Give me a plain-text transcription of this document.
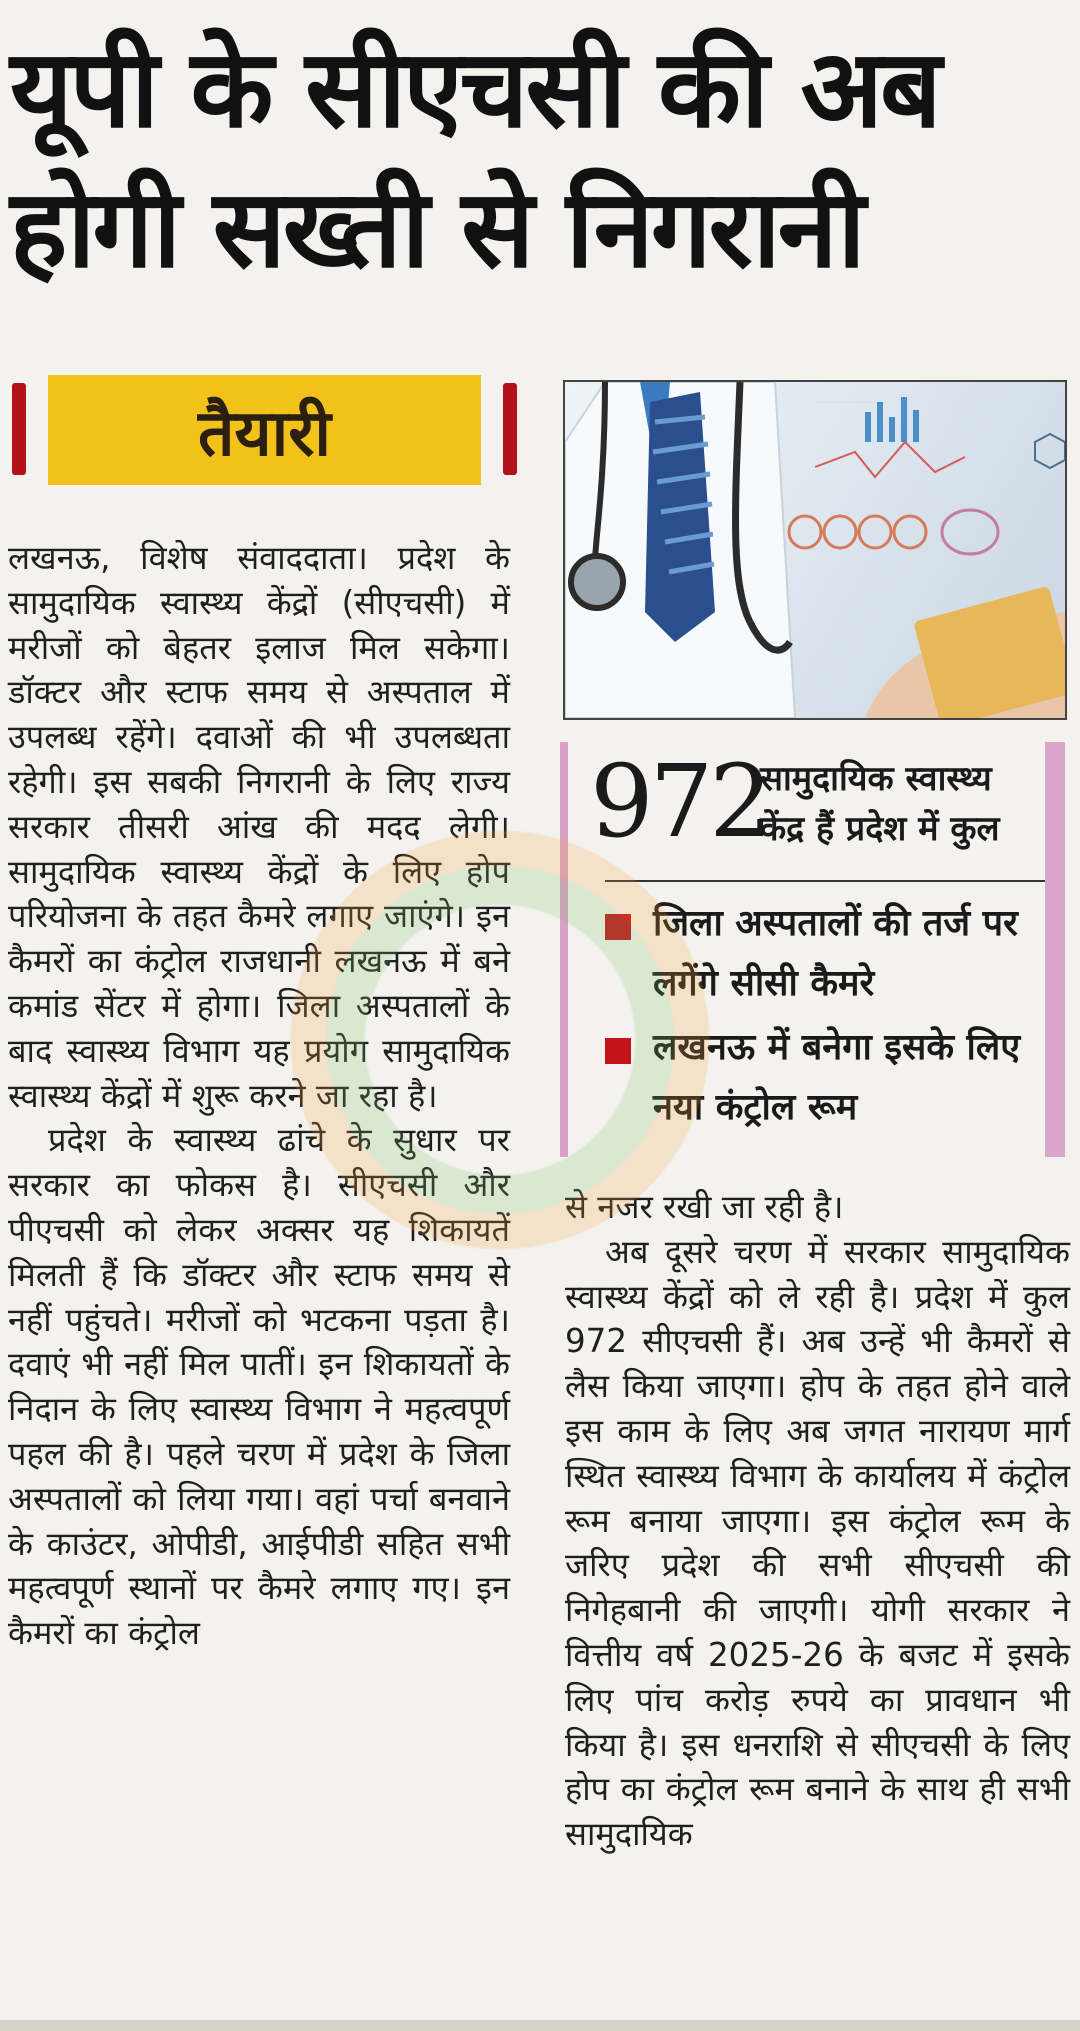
यूपी के सीएचसी की अब
होगी सख्ती से निगरानी
तैयारी

लखनऊ, विशेष संवाददाता। प्रदेश के सामुदायिक स्वास्थ्य केंद्रों (सीएचसी) में मरीजों को बेहतर इलाज मिल सकेगा। डॉक्टर और स्टाफ समय से अस्पताल में उपलब्ध रहेंगे। दवाओं की भी उपलब्धता रहेगी। इस सबकी निगरानी के लिए राज्य सरकार तीसरी आंख की मदद लेगी। सामुदायिक स्वास्थ्य केंद्रों के लिए होप परियोजना के तहत कैमरे लगाए जाएंगे। इन कैमरों का कंट्रोल राजधानी लखनऊ में बने कमांड सेंटर में होगा। जिला अस्पतालों के बाद स्वास्थ्य विभाग यह प्रयोग सामुदायिक स्वास्थ्य केंद्रों में शुरू करने जा रहा है।

प्रदेश के स्वास्थ्य ढांचे के सुधार पर सरकार का फोकस है। सीएचसी और पीएचसी को लेकर अक्सर यह शिकायतें मिलती हैं कि डॉक्टर और स्टाफ समय से नहीं पहुंचते। मरीजों को भटकना पड़ता है। दवाएं भी नहीं मिल पातीं। इन शिकायतों के निदान के लिए स्वास्थ्य विभाग ने महत्वपूर्ण पहल की है। पहले चरण में प्रदेश के जिला अस्पतालों को लिया गया। वहां पर्चा बनवाने के काउंटर, ओपीडी, आईपीडी सहित सभी महत्वपूर्ण स्थानों पर कैमरे लगाए गए। इन कैमरों का कंट्रोल

972
सामुदायिक स्वास्थ्य केंद्र हैं प्रदेश में कुल
जिला अस्पतालों की तर्ज पर लगेंगे सीसी कैमरे
लखनऊ में बनेगा इसके लिए नया कंट्रोल रूम

से नजर रखी जा रही है।

अब दूसरे चरण में सरकार सामुदायिक स्वास्थ्य केंद्रों को ले रही है। प्रदेश में कुल 972 सीएचसी हैं। अब उन्हें भी कैमरों से लैस किया जाएगा। होप के तहत होने वाले इस काम के लिए अब जगत नारायण मार्ग स्थित स्वास्थ्य विभाग के कार्यालय में कंट्रोल रूम बनाया जाएगा। इस कंट्रोल रूम के जरिए प्रदेश की सभी सीएचसी की निगेहबानी की जाएगी। योगी सरकार ने वित्तीय वर्ष 2025-26 के बजट में इसके लिए पांच करोड़ रुपये का प्रावधान भी किया है। इस धनराशि से सीएचसी के लिए होप का कंट्रोल रूम बनाने के साथ ही सभी सामुदायिक
